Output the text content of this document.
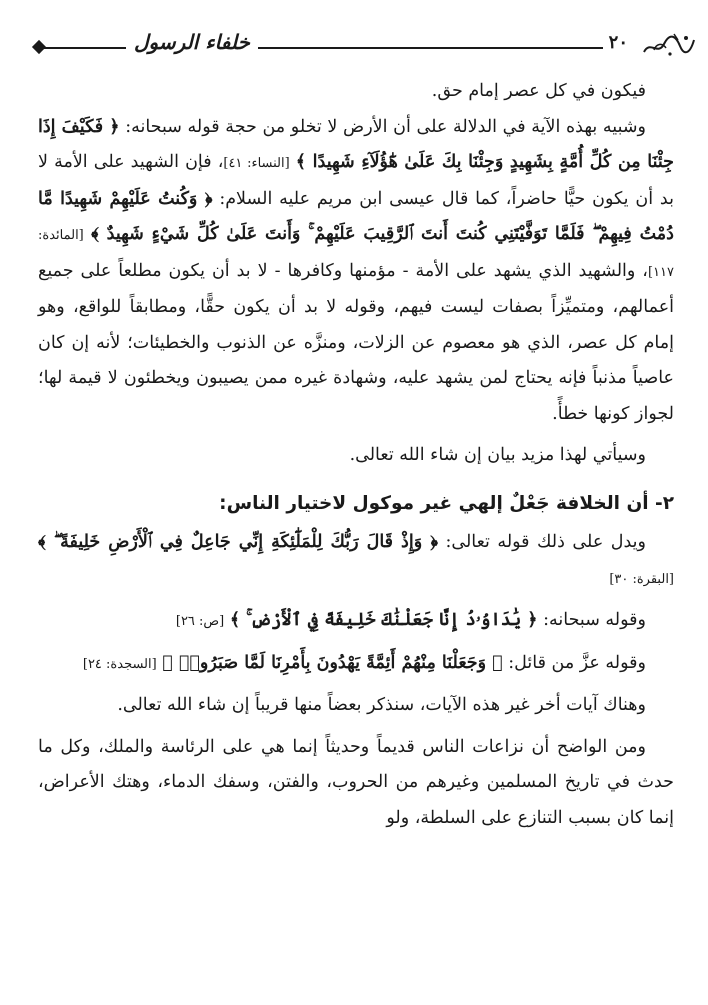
خلفاء الرسول	٢٠

فيكون في كل عصر إمام حق.

وشبيه بهذه الآية في الدلالة على أن الأرض لا تخلو من حجة قوله سبحانه: ﴿ فَكَيْفَ إِذَا جِئْنَا مِن كُلِّ أُمَّةٍ بِشَهِيدٍ وَجِئْنَا بِكَ عَلَىٰ هَٰٓؤُلَآءِ شَهِيدًا ﴾ [النساء: ٤١]، فإن الشهيد على الأمة لا بد أن يكون حيًّا حاضراً، كما قال عيسى ابن مريم عليه السلام: ﴿ وَكُنتُ عَلَيْهِمْ شَهِيدًا مَّا دُمْتُ فِيهِمْ ۖ فَلَمَّا تَوَفَّيْتَنِي كُنتَ أَنتَ ٱلرَّقِيبَ عَلَيْهِمْ ۚ وَأَنتَ عَلَىٰ كُلِّ شَيْءٍ شَهِيدٌ ﴾ [المائدة: ١١٧]، والشهيد الذي يشهد على الأمة - مؤمنها وكافرها - لا بد أن يكون مطلعاً على جميع أعمالهم، ومتميِّزاً بصفات ليست فيهم، وقوله لا بد أن يكون حقًّا، ومطابقاً للواقع، وهو إمام كل عصر، الذي هو معصوم عن الزلات، ومنزَّه عن الذنوب والخطيئات؛ لأنه إن كان عاصياً مذنباً فإنه يحتاج لمن يشهد عليه، وشهادة غيره ممن يصيبون ويخطئون لا قيمة لها؛ لجواز كونها خطأً.

وسيأتي لهذا مزيد بيان إن شاء الله تعالى.

٢- أن الخلافة جَعْلٌ إلهي غير موكول لاختيار الناس:

ويدل على ذلك قوله تعالى: ﴿ وَإِذْ قَالَ رَبُّكَ لِلْمَلَٰٓئِكَةِ إِنِّي جَاعِلٌ فِي ٱلْأَرْضِ خَلِيفَةً ۖ ﴾ [البقرة: ٣٠]

وقوله سبحانه: ﴿ يَٰدَاوُۥدُ إِنَّا جَعَلْنَٰكَ خَلِيفَةً فِي ٱلْأَرْضِ ۚ ﴾ [ص: ٢٦]

وقوله عزَّ من قائل: ﴿ وَجَعَلْنَا مِنْهُمْ أَئِمَّةً يَهْدُونَ بِأَمْرِنَا لَمَّا صَبَرُوا۟ ﴾ [السجدة: ٢٤]

وهناك آيات أخر غير هذه الآيات، سنذكر بعضاً منها قريباً إن شاء الله تعالى.

ومن الواضح أن نزاعات الناس قديماً وحديثاً إنما هي على الرئاسة والملك، وكل ما حدث في تاريخ المسلمين وغيرهم من الحروب، والفتن، وسفك الدماء، وهتك الأعراض، إنما كان بسبب التنازع على السلطة، ولو
